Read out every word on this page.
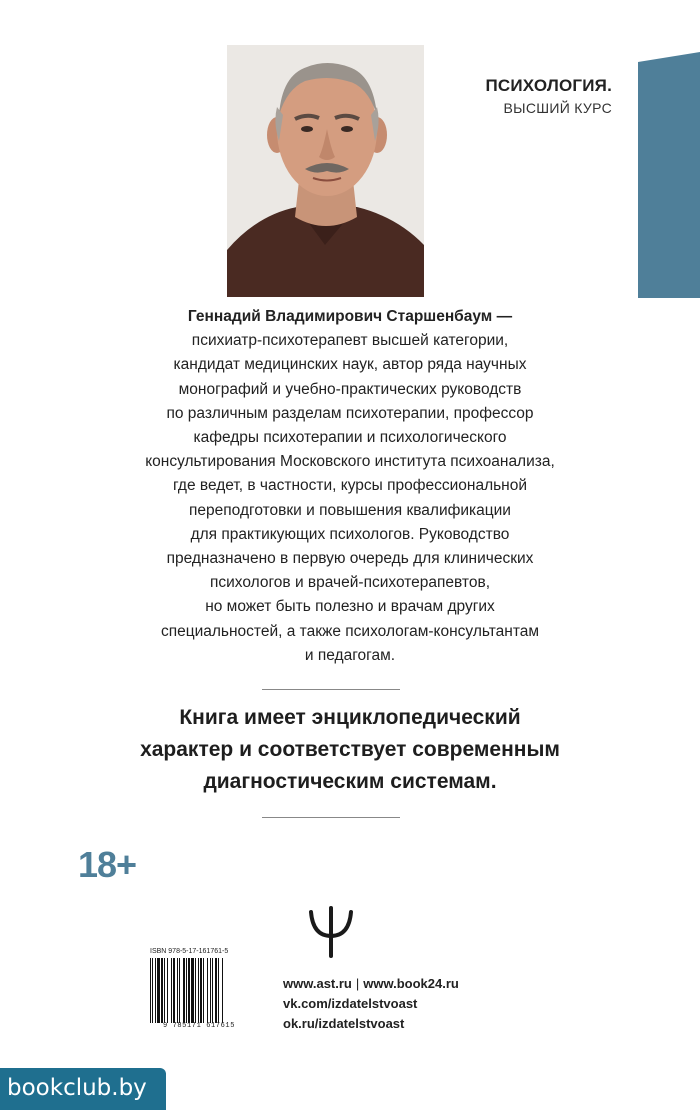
ПСИХОЛОГИЯ.
ВЫСШИЙ КУРС
Геннадий Владимирович Старшенбаум —
психиатр-психотерапевт высшей категории,
кандидат медицинских наук, автор ряда научных
монографий и учебно-практических руководств
по различным разделам психотерапии, профессор
кафедры психотерапии и психологического
консультирования Московского института психоанализа,
где ведет, в частности, курсы профессиональной
переподготовки и повышения квалификации
для практикующих психологов. Руководство
предназначено в первую очередь для клинических
психологов и врачей-психотерапевтов,
но может быть полезно и врачам других
специальностей, а также психологам-консультантам
и педагогам.
Книга имеет энциклопедический
характер и соответствует современным
диагностическим системам.
18+
ISBN 978-5-17-161761-5
9 785171 617615
www.ast.ru | www.book24.ru
vk.com/izdatelstvoast
ok.ru/izdatelstvoast
bookclub.by
